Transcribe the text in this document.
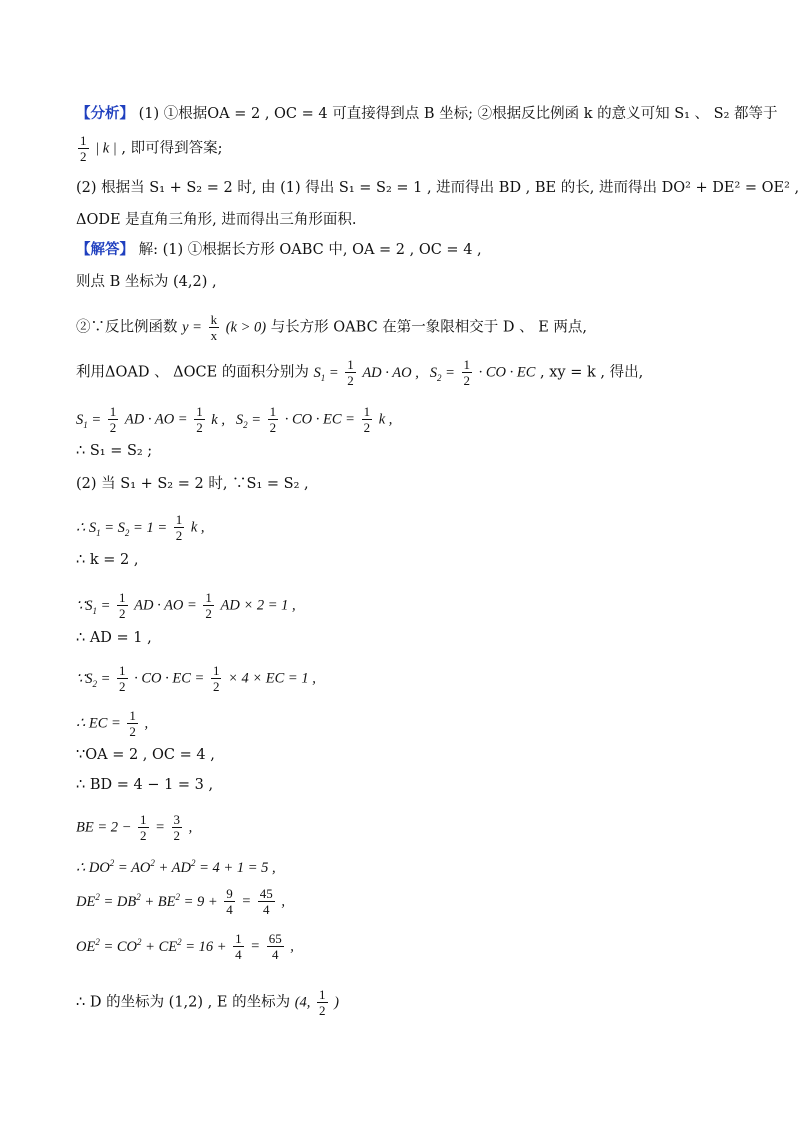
【分析】 (1) ①根据OA = 2 , OC = 4 可直接得到点 B 坐标; ②根据反比例函 k 的意义可知 S₁ 、 S₂ 都等于
$\frac{1}{2}$ | k | , 即可得到答案;
(2) 根据当 S₁ + S₂ = 2 时, 由 (1) 得出 S₁ = S₂ = 1 , 进而得出 BD , BE 的长, 进而得出 DO² + DE² = OE² ,
ΔODE 是直角三角形, 进而得出三角形面积.
【解答】 解: (1) ①根据长方形 OABC 中, OA = 2 , OC = 4 ,
则点 B 坐标为 (4,2) ,
②∵反比例函数 $y = \frac{k}{x} (k > 0)$ 与长方形 OABC 在第一象限相交于 D 、 E 两点,
利用ΔOAD 、 ΔOCE 的面积分别为 $S_1 = \frac{1}{2}$ AD · AO ,   $S_2 = \frac{1}{2}$ · CO · EC , xy = k , 得出,
$S_1 = \frac{1}{2}$ AD · AO = $\frac{1}{2}$ k ,   $S_2 = \frac{1}{2}$ · CO · EC = $\frac{1}{2}$ k ,
∴ S₁ = S₂ ;
(2) 当 S₁ + S₂ = 2 时, ∵S₁ = S₂ ,
∴ $S_1 = S_2 = 1 = \frac{1}{2}$ k ,
∴ k = 2 ,
$\because S_1 = \frac{1}{2}$ AD · AO = $\frac{1}{2}$ AD × 2 = 1 ,
∴ AD = 1 ,
$\because S_2 = \frac{1}{2}$ · CO · EC = $\frac{1}{2} \times 4$ × EC = 1 ,
∴ EC = $\frac{1}{2}$ ,
∵OA = 2 , OC = 4 ,
∴ BD = 4 − 1 = 3 ,
BE = $2 - \frac{1}{2} = \frac{3}{2}$ ,
∴ $DO^2 = AO^2 + AD^2 = 4 + 1 = 5$ ,
$DE^2 = DB^2 + BE^2 = 9 + \frac{9}{4} = \frac{45}{4}$ ,
$OE^2 = CO^2 + CE^2 = 16 + \frac{1}{4} = \frac{65}{4}$ ,
∴ D 的坐标为 (1,2) , E 的坐标为 (4, $\frac{1}{2}$ )
